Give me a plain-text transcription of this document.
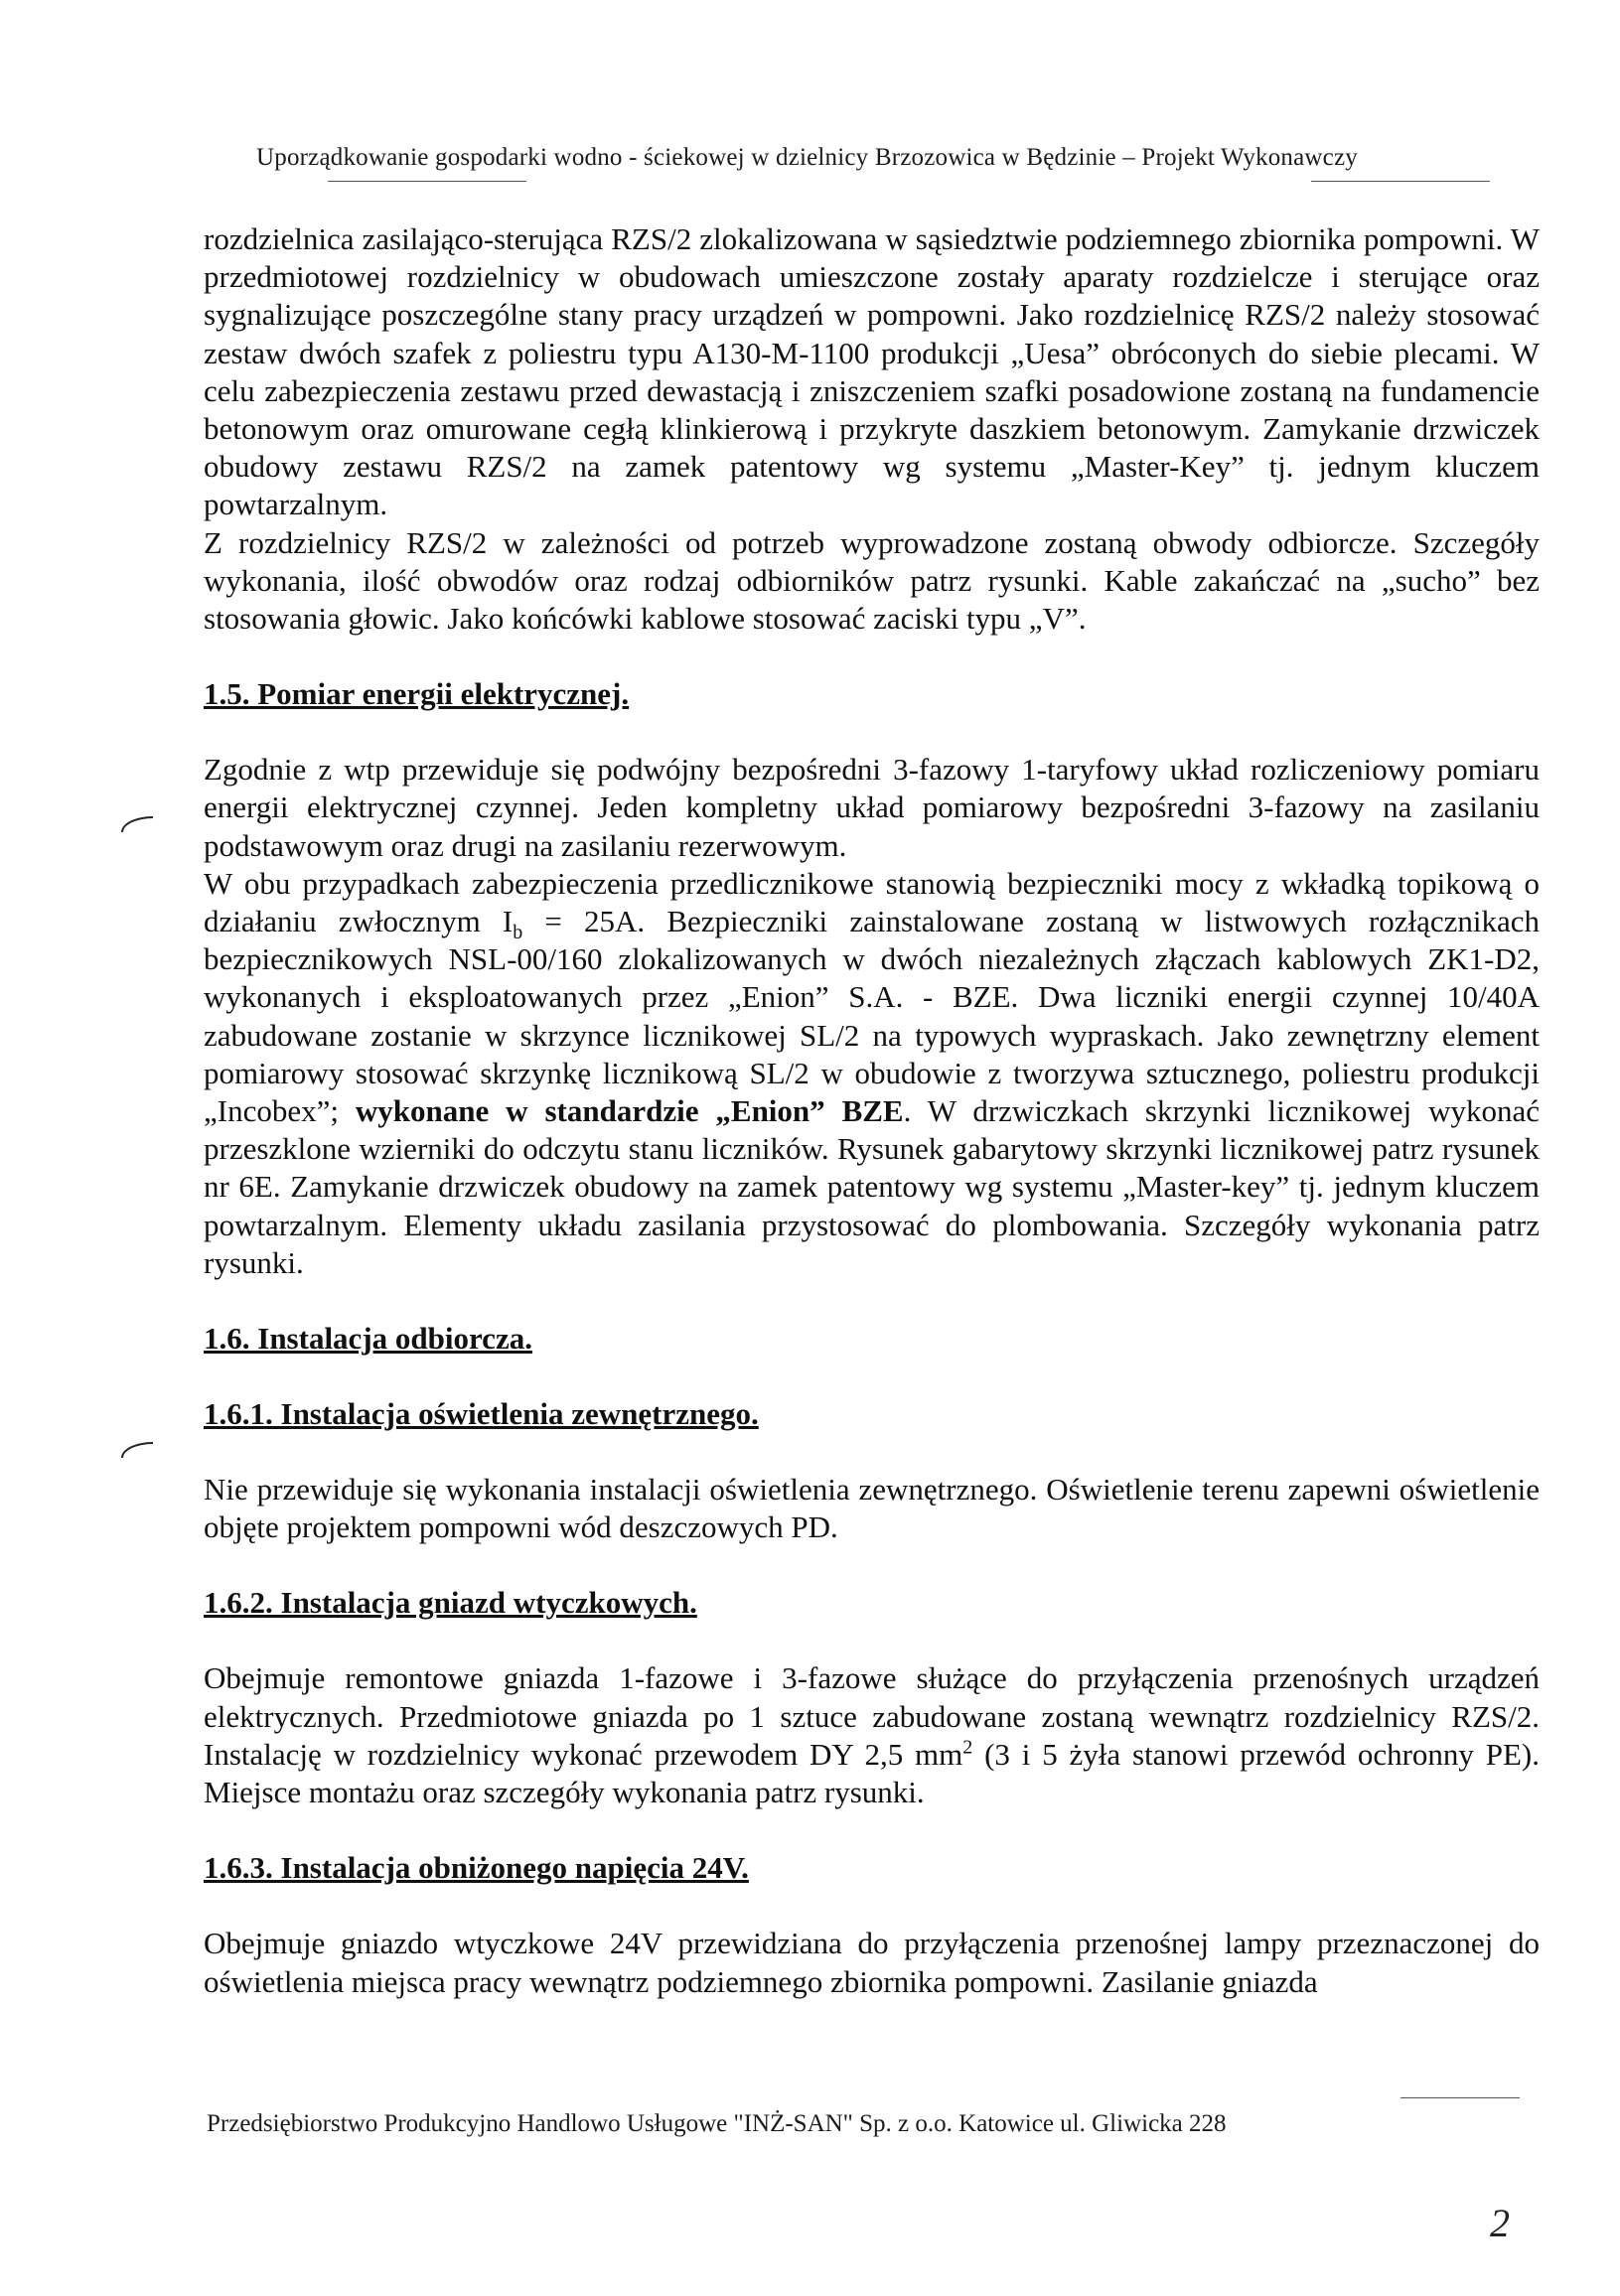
Uporządkowanie gospodarki wodno - ściekowej w dzielnicy Brzozowica w Będzinie – Projekt Wykonawczy

rozdzielnica zasilająco-sterująca RZS/2 zlokalizowana w sąsiedztwie podziemnego zbiornika pompowni. W przedmiotowej rozdzielnicy w obudowach umieszczone zostały aparaty rozdzielcze i sterujące oraz sygnalizujące poszczególne stany pracy urządzeń w pompowni. Jako rozdzielnicę RZS/2 należy stosować zestaw dwóch szafek z poliestru typu A130-M-1100 produkcji „Uesa” obróconych do siebie plecami. W celu zabezpieczenia zestawu przed dewastacją i zniszczeniem szafki posadowione zostaną na fundamencie betonowym oraz omurowane cegłą klinkierową i przykryte daszkiem betonowym. Zamykanie drzwiczek obudowy zestawu RZS/2 na zamek patentowy wg systemu „Master-Key” tj. jednym kluczem powtarzalnym.

Z rozdzielnicy RZS/2 w zależności od potrzeb wyprowadzone zostaną obwody odbiorcze. Szczegóły wykonania, ilość obwodów oraz rodzaj odbiorników patrz rysunki. Kable zakańczać na „sucho” bez stosowania głowic. Jako końcówki kablowe stosować zaciski typu „V”.

1.5. Pomiar energii elektrycznej.

Zgodnie z wtp przewiduje się podwójny bezpośredni 3-fazowy 1-taryfowy układ rozliczeniowy pomiaru energii elektrycznej czynnej. Jeden kompletny układ pomiarowy bezpośredni 3-fazowy na zasilaniu podstawowym oraz drugi na zasilaniu rezerwowym.

W obu przypadkach zabezpieczenia przedlicznikowe stanowią bezpieczniki mocy z wkładką topikową o działaniu zwłocznym $I_b = 25A$. Bezpieczniki zainstalowane zostaną w listwowych rozłącznikach bezpiecznikowych NSL-00/160 zlokalizowanych w dwóch niezależnych złączach kablowych ZK1-D2, wykonanych i eksploatowanych przez „Enion” S.A. - BZE. Dwa liczniki energii czynnej 10/40A zabudowane zostanie w skrzynce licznikowej SL/2 na typowych wypraskach. Jako zewnętrzny element pomiarowy stosować skrzynkę licznikową SL/2 w obudowie z tworzywa sztucznego, poliestru produkcji „Incobex”; wykonane w standardzie „Enion” BZE. W drzwiczkach skrzynki licznikowej wykonać przeszklone wzierniki do odczytu stanu liczników. Rysunek gabarytowy skrzynki licznikowej patrz rysunek nr 6E. Zamykanie drzwiczek obudowy na zamek patentowy wg systemu „Master-key” tj. jednym kluczem powtarzalnym. Elementy układu zasilania przystosować do plombowania. Szczegóły wykonania patrz rysunki.

1.6. Instalacja odbiorcza.

1.6.1. Instalacja oświetlenia zewnętrznego.

Nie przewiduje się wykonania instalacji oświetlenia zewnętrznego. Oświetlenie terenu zapewni oświetlenie objęte projektem pompowni wód deszczowych PD.

1.6.2. Instalacja gniazd wtyczkowych.

Obejmuje remontowe gniazda 1-fazowe i 3-fazowe służące do przyłączenia przenośnych urządzeń elektrycznych. Przedmiotowe gniazda po 1 sztuce zabudowane zostaną wewnątrz rozdzielnicy RZS/2. Instalację w rozdzielnicy wykonać przewodem DY 2,5 $mm^2$ (3 i 5 żyła stanowi przewód ochronny PE). Miejsce montażu oraz szczegóły wykonania patrz rysunki.

1.6.3. Instalacja obniżonego napięcia 24V.

Obejmuje gniazdo wtyczkowe 24V przewidziana do przyłączenia przenośnej lampy przeznaczonej do oświetlenia miejsca pracy wewnątrz podziemnego zbiornika pompowni. Zasilanie gniazda

Przedsiębiorstwo Produkcyjno Handlowo Usługowe "INŻ-SAN" Sp. z o.o. Katowice ul. Gliwicka 228
2
